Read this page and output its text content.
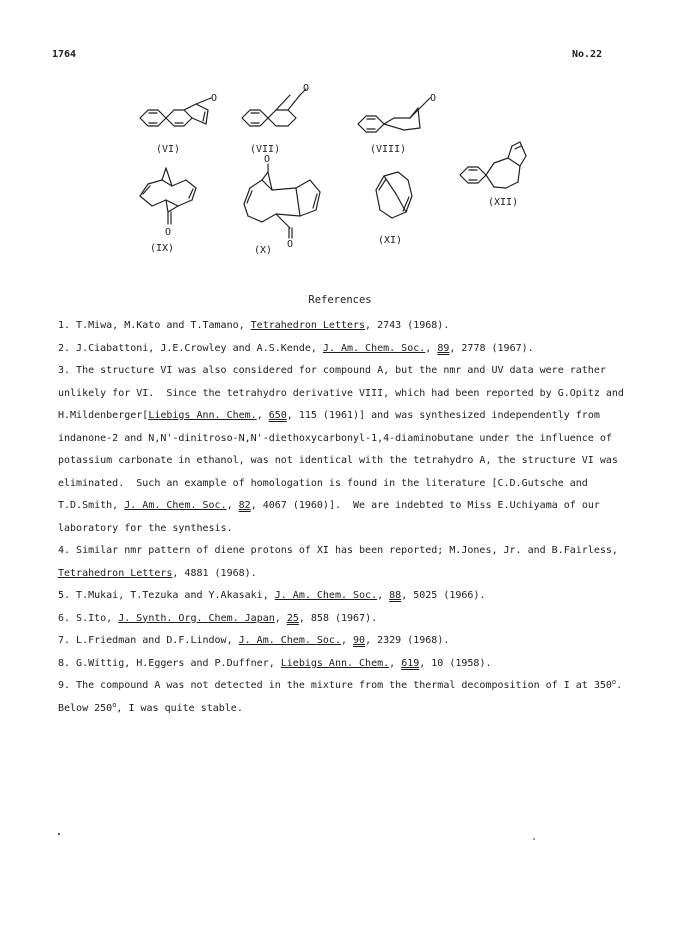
1764	No.22
O
O
O
O
O
O
(VI)	(VII)	(VIII)
(IX)	(X)
(XI)
(XII)
References

1. T.Miwa, M.Kato and T.Tamano, Tetrahedron Letters, 2743 (1968).

2. J.Ciabattoni, J.E.Crowley and A.S.Kende, J. Am. Chem. Soc., 89, 2778 (1967).

3. The structure VI was also considered for compound A, but the nmr and UV data were rather unlikely for VI.  Since the tetrahydro derivative VIII, which had been reported by G.Opitz and H.Mildenberger[Liebigs Ann. Chem., 650, 115 (1961)] and was synthesized independently from indanone-2 and N,N'-dinitroso-N,N'-diethoxycarbonyl-1,4-diaminobutane under the influence of potassium carbonate in ethanol, was not identical with the tetrahydro A, the structure VI was eliminated.  Such an example of homologation is found in the literature [C.D.Gutsche and T.D.Smith, J. Am. Chem. Soc., 82, 4067 (1960)].  We are indebted to Miss E.Uchiyama of our laboratory for the synthesis.

4. Similar nmr pattern of diene protons of XI has been reported; M.Jones, Jr. and B.Fairless, Tetrahedron Letters, 4881 (1968).

5. T.Mukai, T.Tezuka and Y.Akasaki, J. Am. Chem. Soc., 88, 5025 (1966).

6. S.Ito, J. Synth. Org. Chem. Japan, 25, 858 (1967).

7. L.Friedman and D.F.Lindow, J. Am. Chem. Soc., 90, 2329 (1968).

8. G.Wittig, H.Eggers and P.Duffner, Liebigs Ann. Chem., 619, 10 (1958).

9. The compound A was not detected in the mixture from the thermal decomposition of I at 350$^o$.  Below 250$^o$, I was quite stable.
